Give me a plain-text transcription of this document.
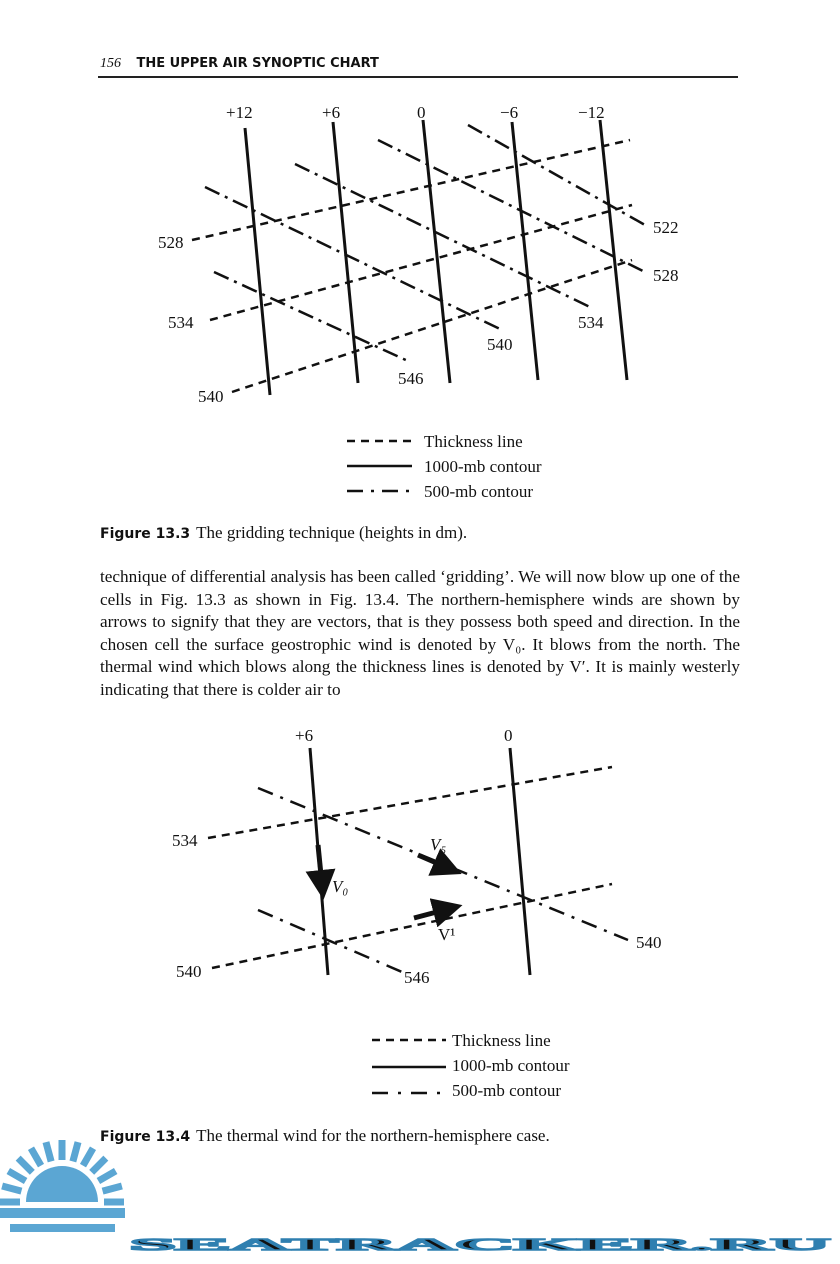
156 THE UPPER AIR SYNOPTIC CHART
+12	+6	0	−6	−12
528
534
540
522
528
534
540
546
+6	0
534
540
540
546
V₅
V₀
V¹
Thickness line
1000-mb contour
500-mb contour
Figure 13.3 The gridding technique (heights in dm).
technique of differential analysis has been called ‘gridding’. We will now blow up one of the cells in Fig. 13.3 as shown in Fig. 13.4. The northern-hemisphere winds are shown by arrows to signify that they are vectors, that is they possess both speed and direction. In the chosen cell the surface geostrophic wind is denoted by V₀. It blows from the north. The thermal wind which blows along the thickness lines is denoted by V′. It is mainly westerly indicating that there is colder air to
Thickness line
1000-mb contour
500-mb contour
Figure 13.4 The thermal wind for the northern-hemisphere case.
SEATRACKER.RU
